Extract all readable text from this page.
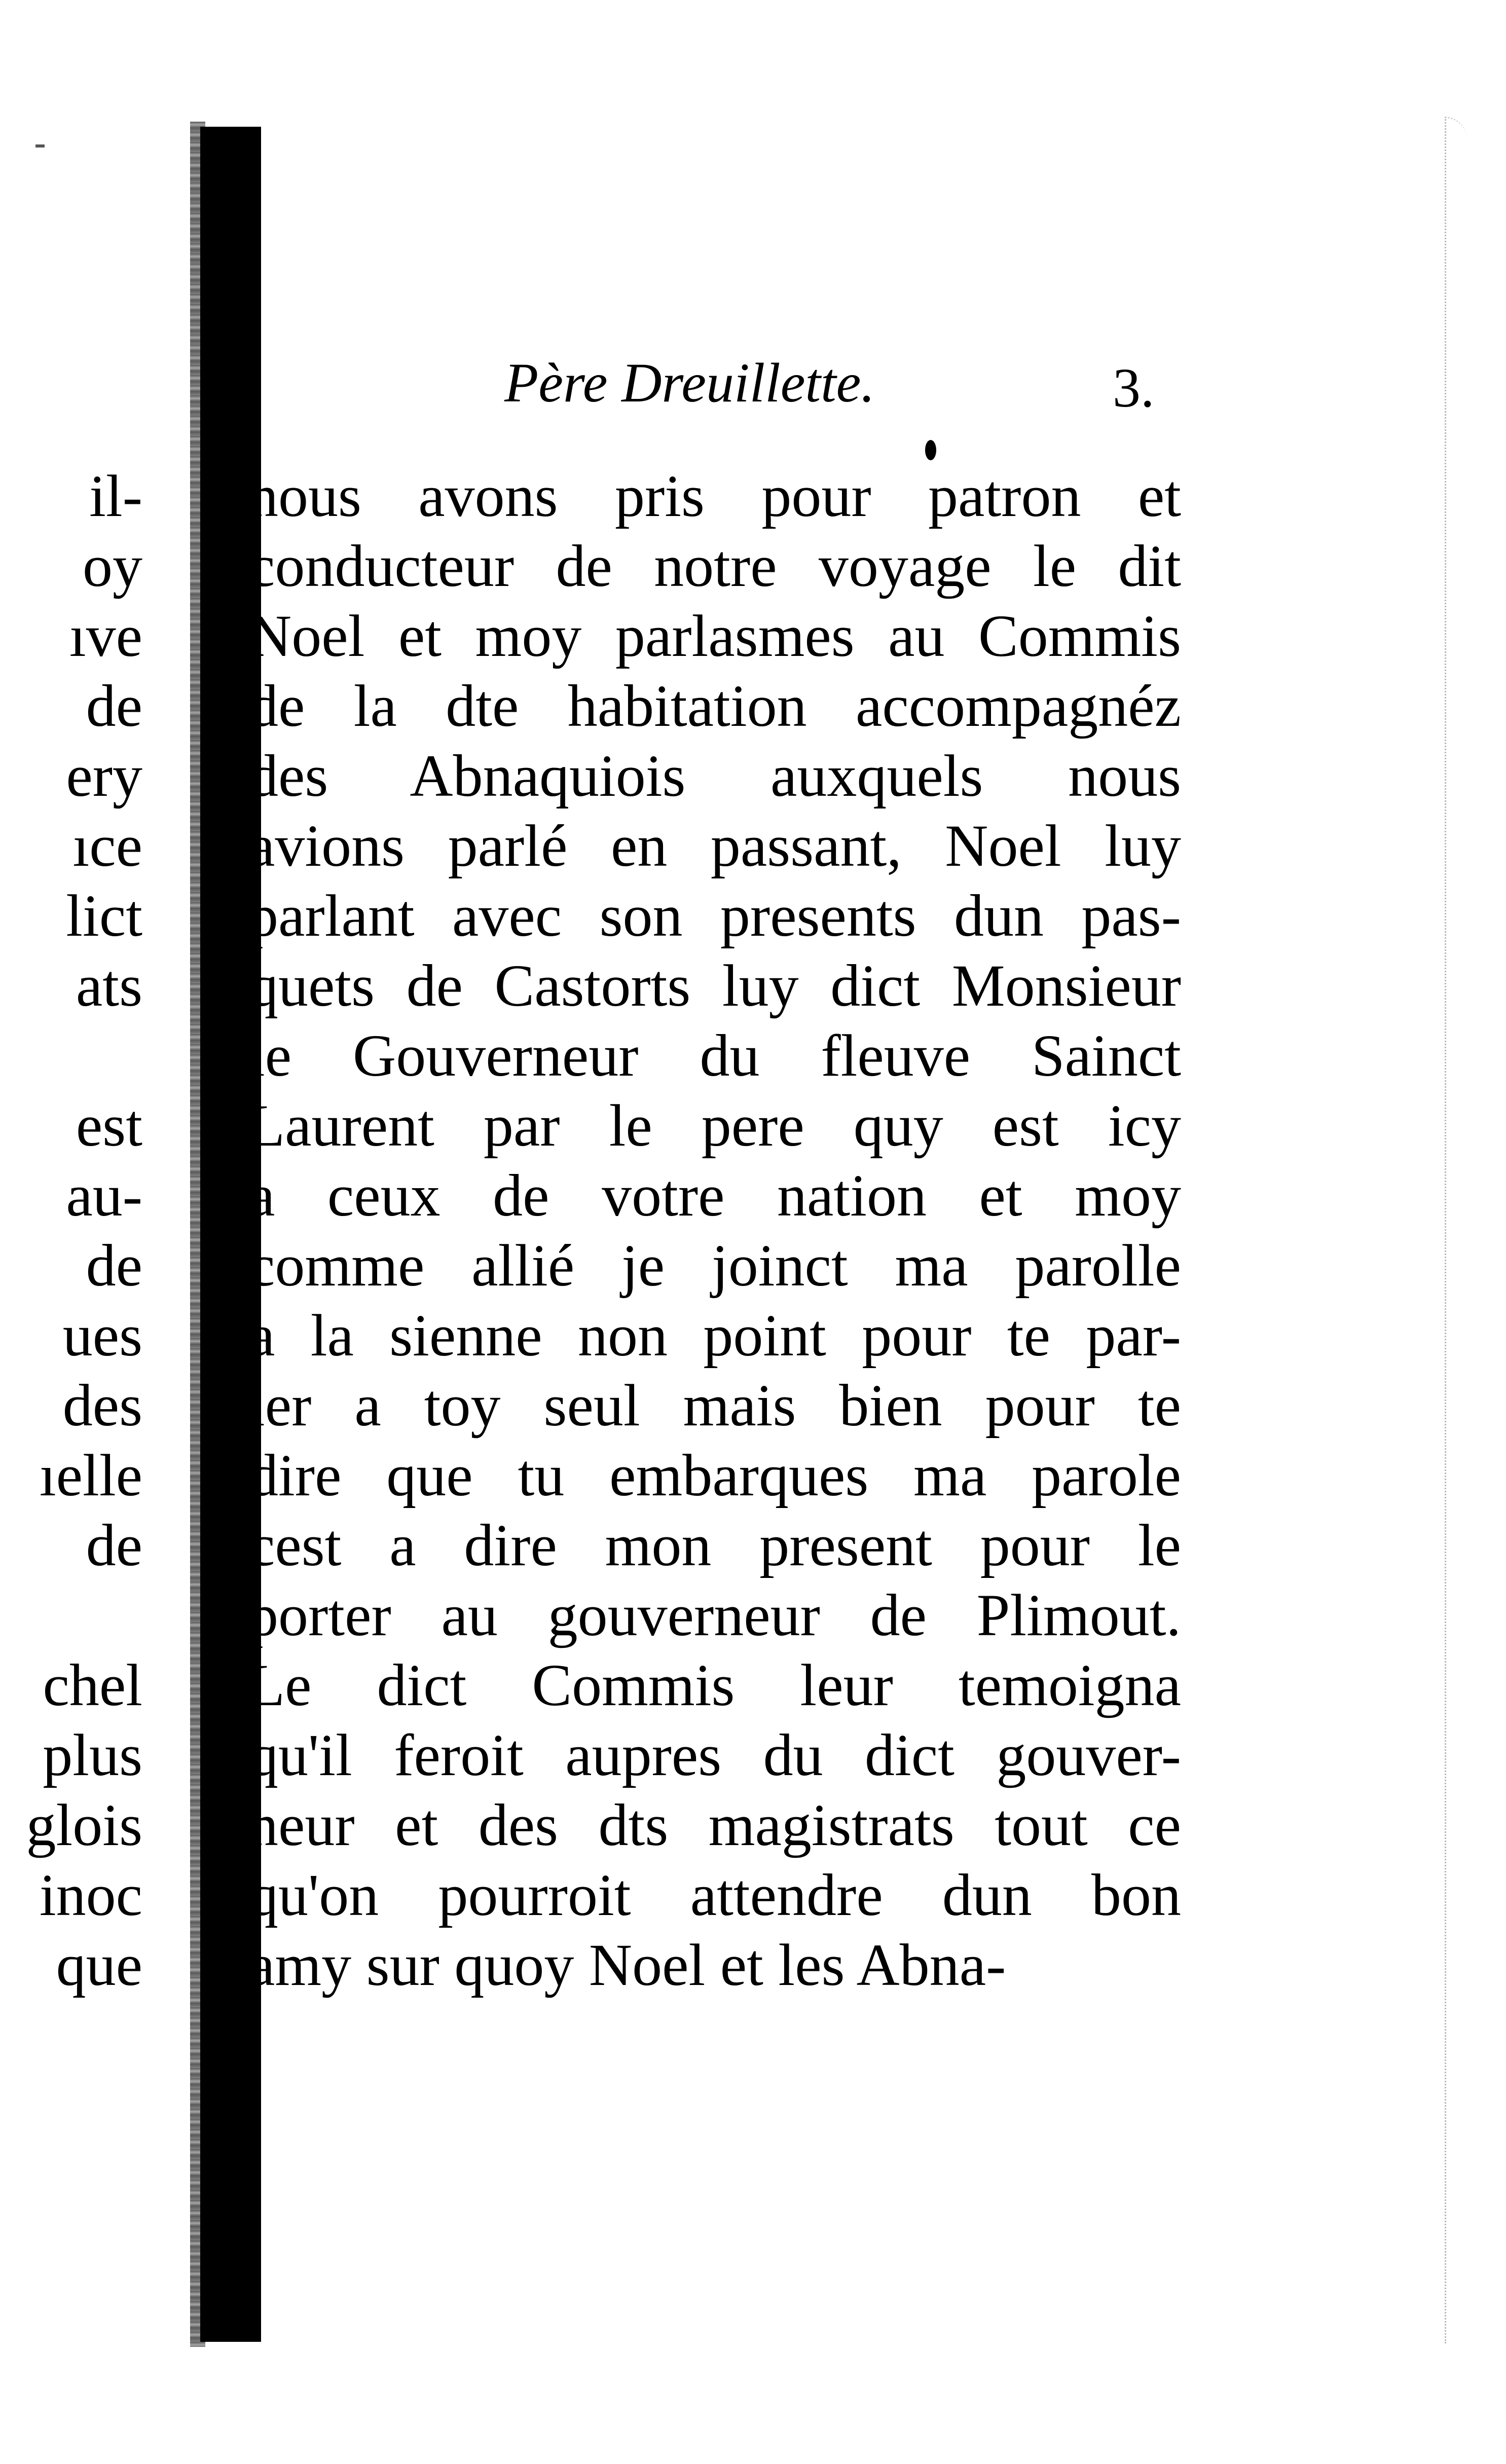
Père Dreuillette.	3.
il-
oy
ıve
de
ery
ıce
lict
ats
est
au-
de
ues
des
ıelle
de
chel
plus
glois
inoc
que
nous avons pris pour patron et
conducteur de notre voyage le dit
Noel et moy parlasmes au Commis
de la dte habitation accompagnéz
des Abnaquiois auxquels nous
avions parlé en passant, Noel luy
parlant avec son presents dun pas-
quets de Castorts luy dict Monsieur
le Gouverneur du fleuve Sainct
Laurent par le pere quy est icy
a ceux de votre nation et moy
comme allié je joinct ma parolle
a la sienne non point pour te par-
ler a toy seul mais bien pour te
dire que tu embarques ma parole
cest a dire mon present pour le
porter au gouverneur de Plimout.
Le dict Commis leur temoigna
qu'il feroit aupres du dict gouver-
neur et des dts magistrats tout ce
qu'on pourroit attendre dun bon
amy sur quoy Noel et les Abna-
